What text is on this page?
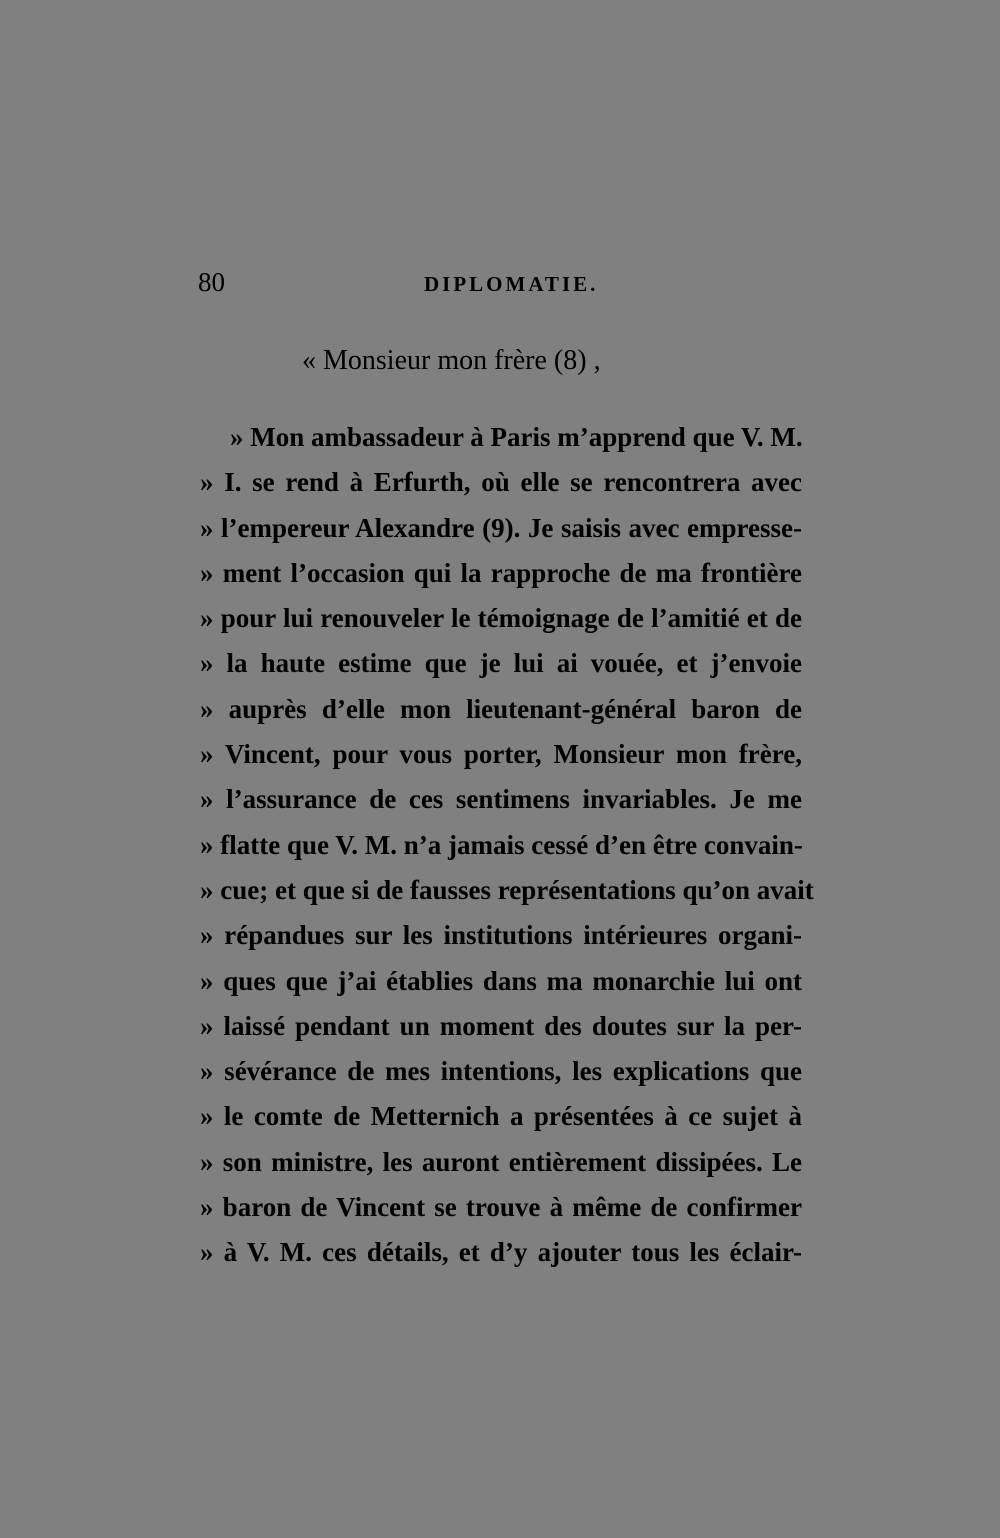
80	DIPLOMATIE.
« Monsieur mon frère (8) ,
» Mon ambassadeur à Paris m’apprend que V. M.
» I. se rend à Erfurth, où elle se rencontrera avec
» l’empereur Alexandre (9). Je saisis avec empresse-
» ment l’occasion qui la rapproche de ma frontière
» pour lui renouveler le témoignage de l’amitié et de
» la haute estime que je lui ai vouée, et j’envoie
» auprès d’elle mon lieutenant-général baron de
» Vincent, pour vous porter, Monsieur mon frère,
» l’assurance de ces sentimens invariables. Je me
» flatte que V. M. n’a jamais cessé d’en être convain-
» cue; et que si de fausses représentations qu’on avait
» répandues sur les institutions intérieures organi-
» ques que j’ai établies dans ma monarchie lui ont
» laissé pendant un moment des doutes sur la per-
» sévérance de mes intentions, les explications que
» le comte de Metternich a présentées à ce sujet à
» son ministre, les auront entièrement dissipées. Le
» baron de Vincent se trouve à même de confirmer
» à V. M. ces détails, et d’y ajouter tous les éclair-
